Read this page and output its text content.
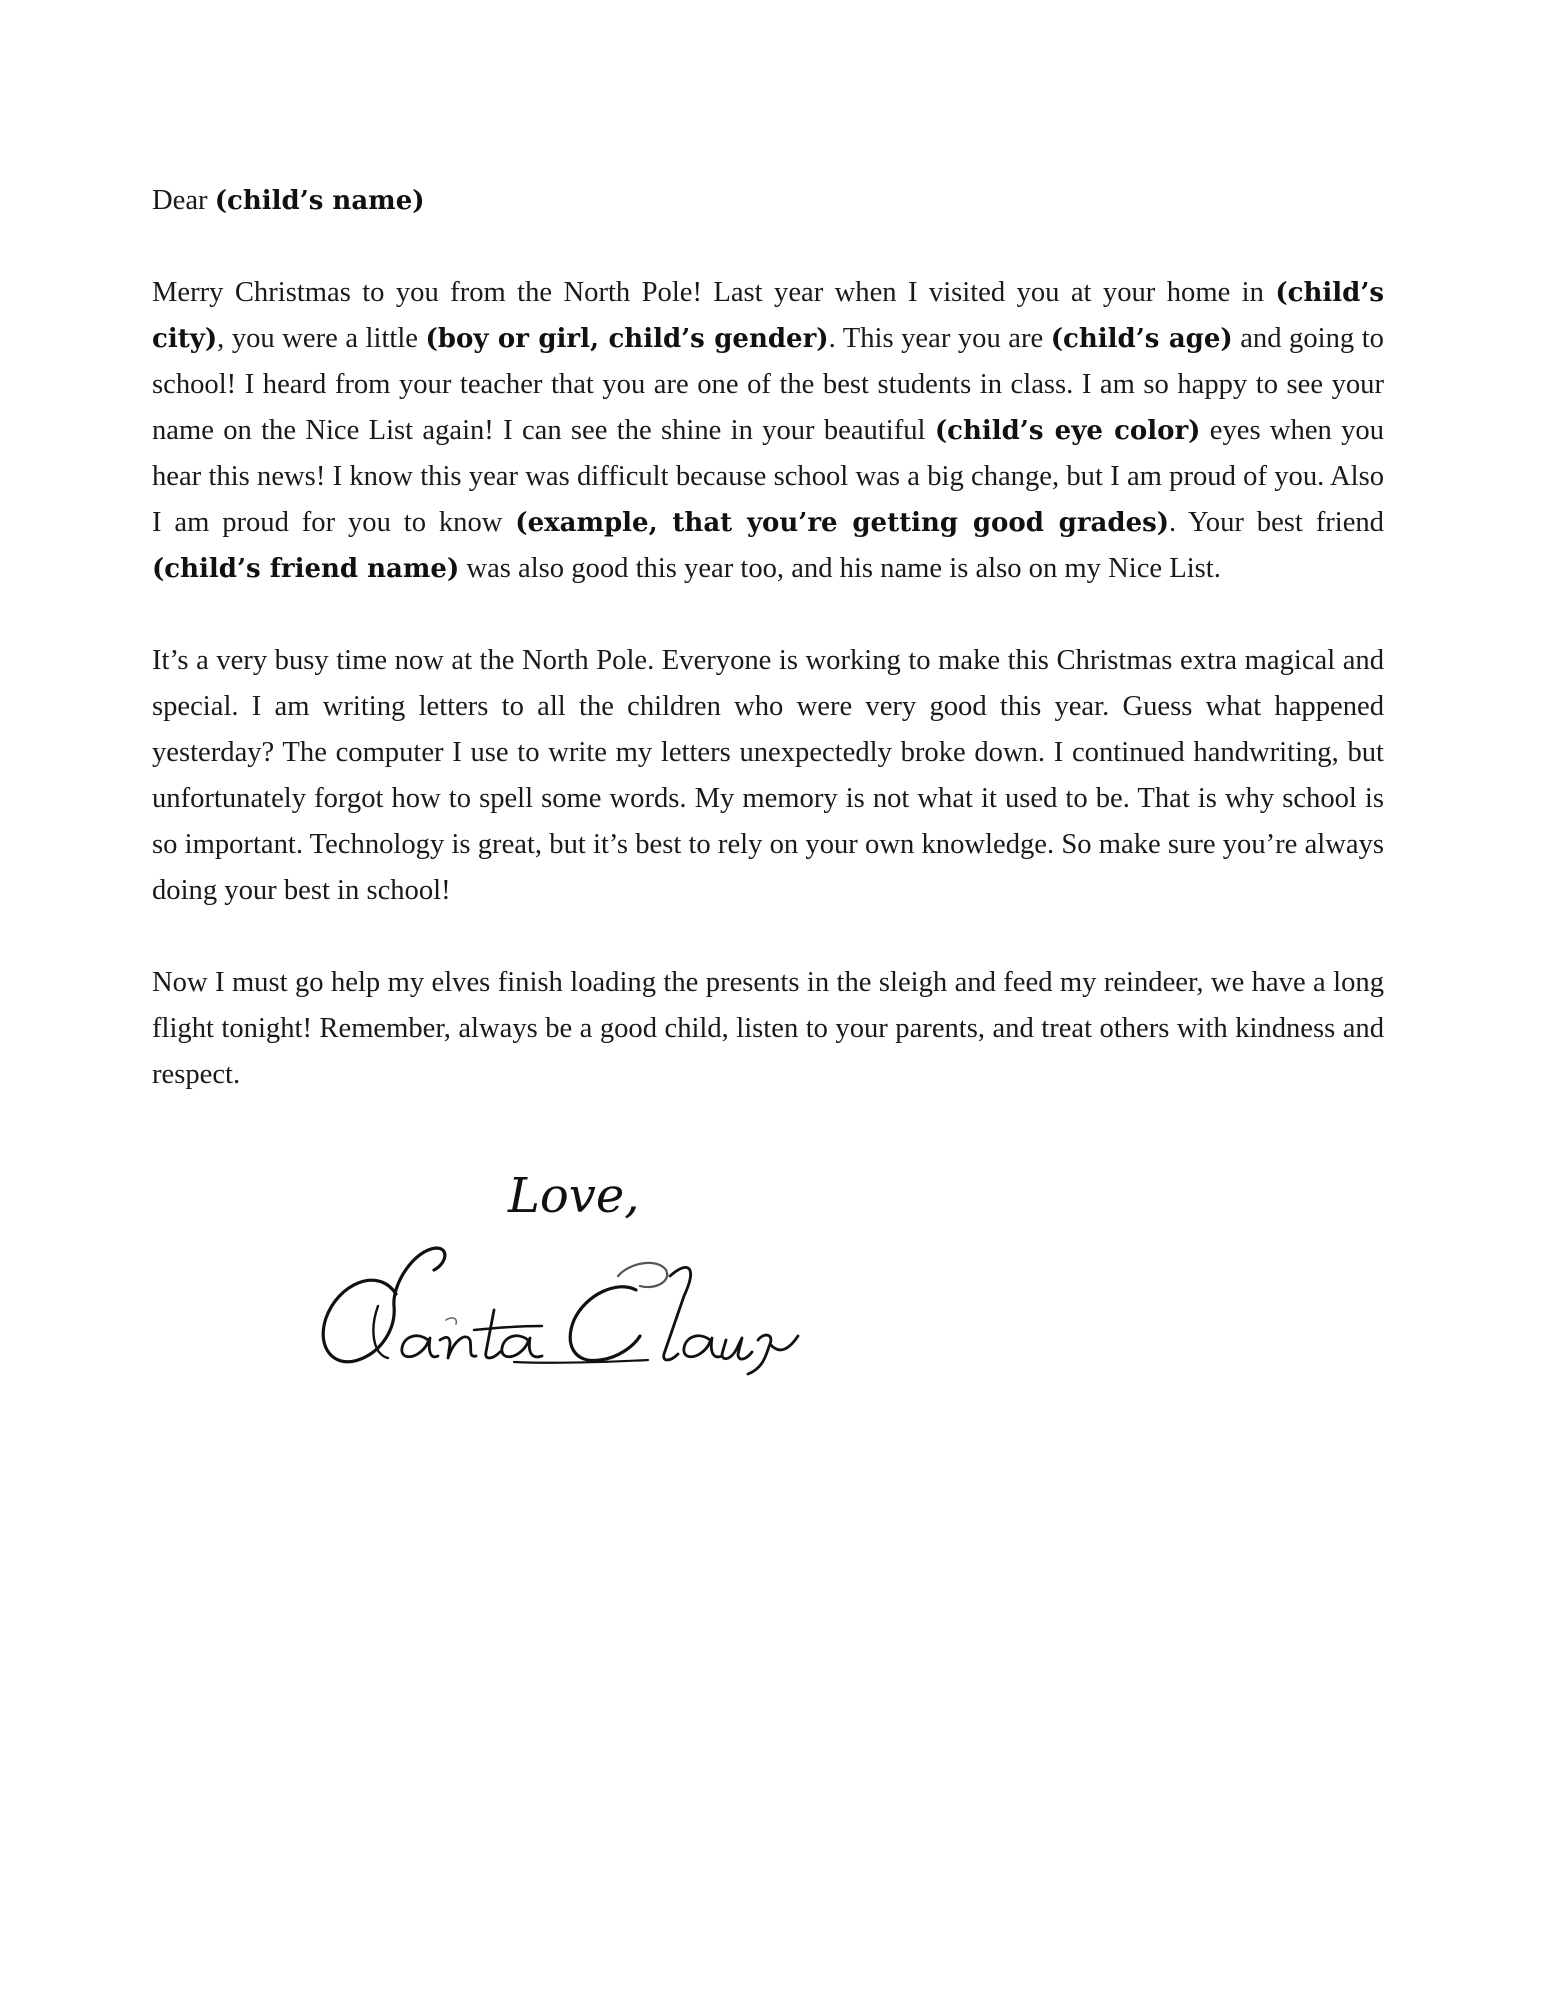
Dear (child’s name)

Merry Christmas to you from the North Pole! Last year when I visited you at your home in (child’s city), you were a little (boy or girl, child’s gender). This year you are (child’s age) and going to school! I heard from your teacher that you are one of the best students in class. I am so happy to see your name on the Nice List again! I can see the shine in your beautiful (child’s eye color) eyes when you hear this news! I know this year was difficult because school was a big change, but I am proud of you. Also I am proud for you to know (example, that you’re getting good grades). Your best friend (child’s friend name) was also good this year too, and his name is also on my Nice List.

It’s a very busy time now at the North Pole. Everyone is working to make this Christmas extra magical and special. I am writing letters to all the children who were very good this year. Guess what happened yesterday? The computer I use to write my letters unexpectedly broke down. I continued handwriting, but unfortunately forgot how to spell some words. My memory is not what it used to be. That is why school is so important. Technology is great, but it’s best to rely on your own knowledge. So make sure you’re always doing your best in school!

Now I must go help my elves finish loading the presents in the sleigh and feed my reindeer, we have a long flight tonight! Remember, always be a good child, listen to your parents, and treat others with kindness and respect.

Love,
